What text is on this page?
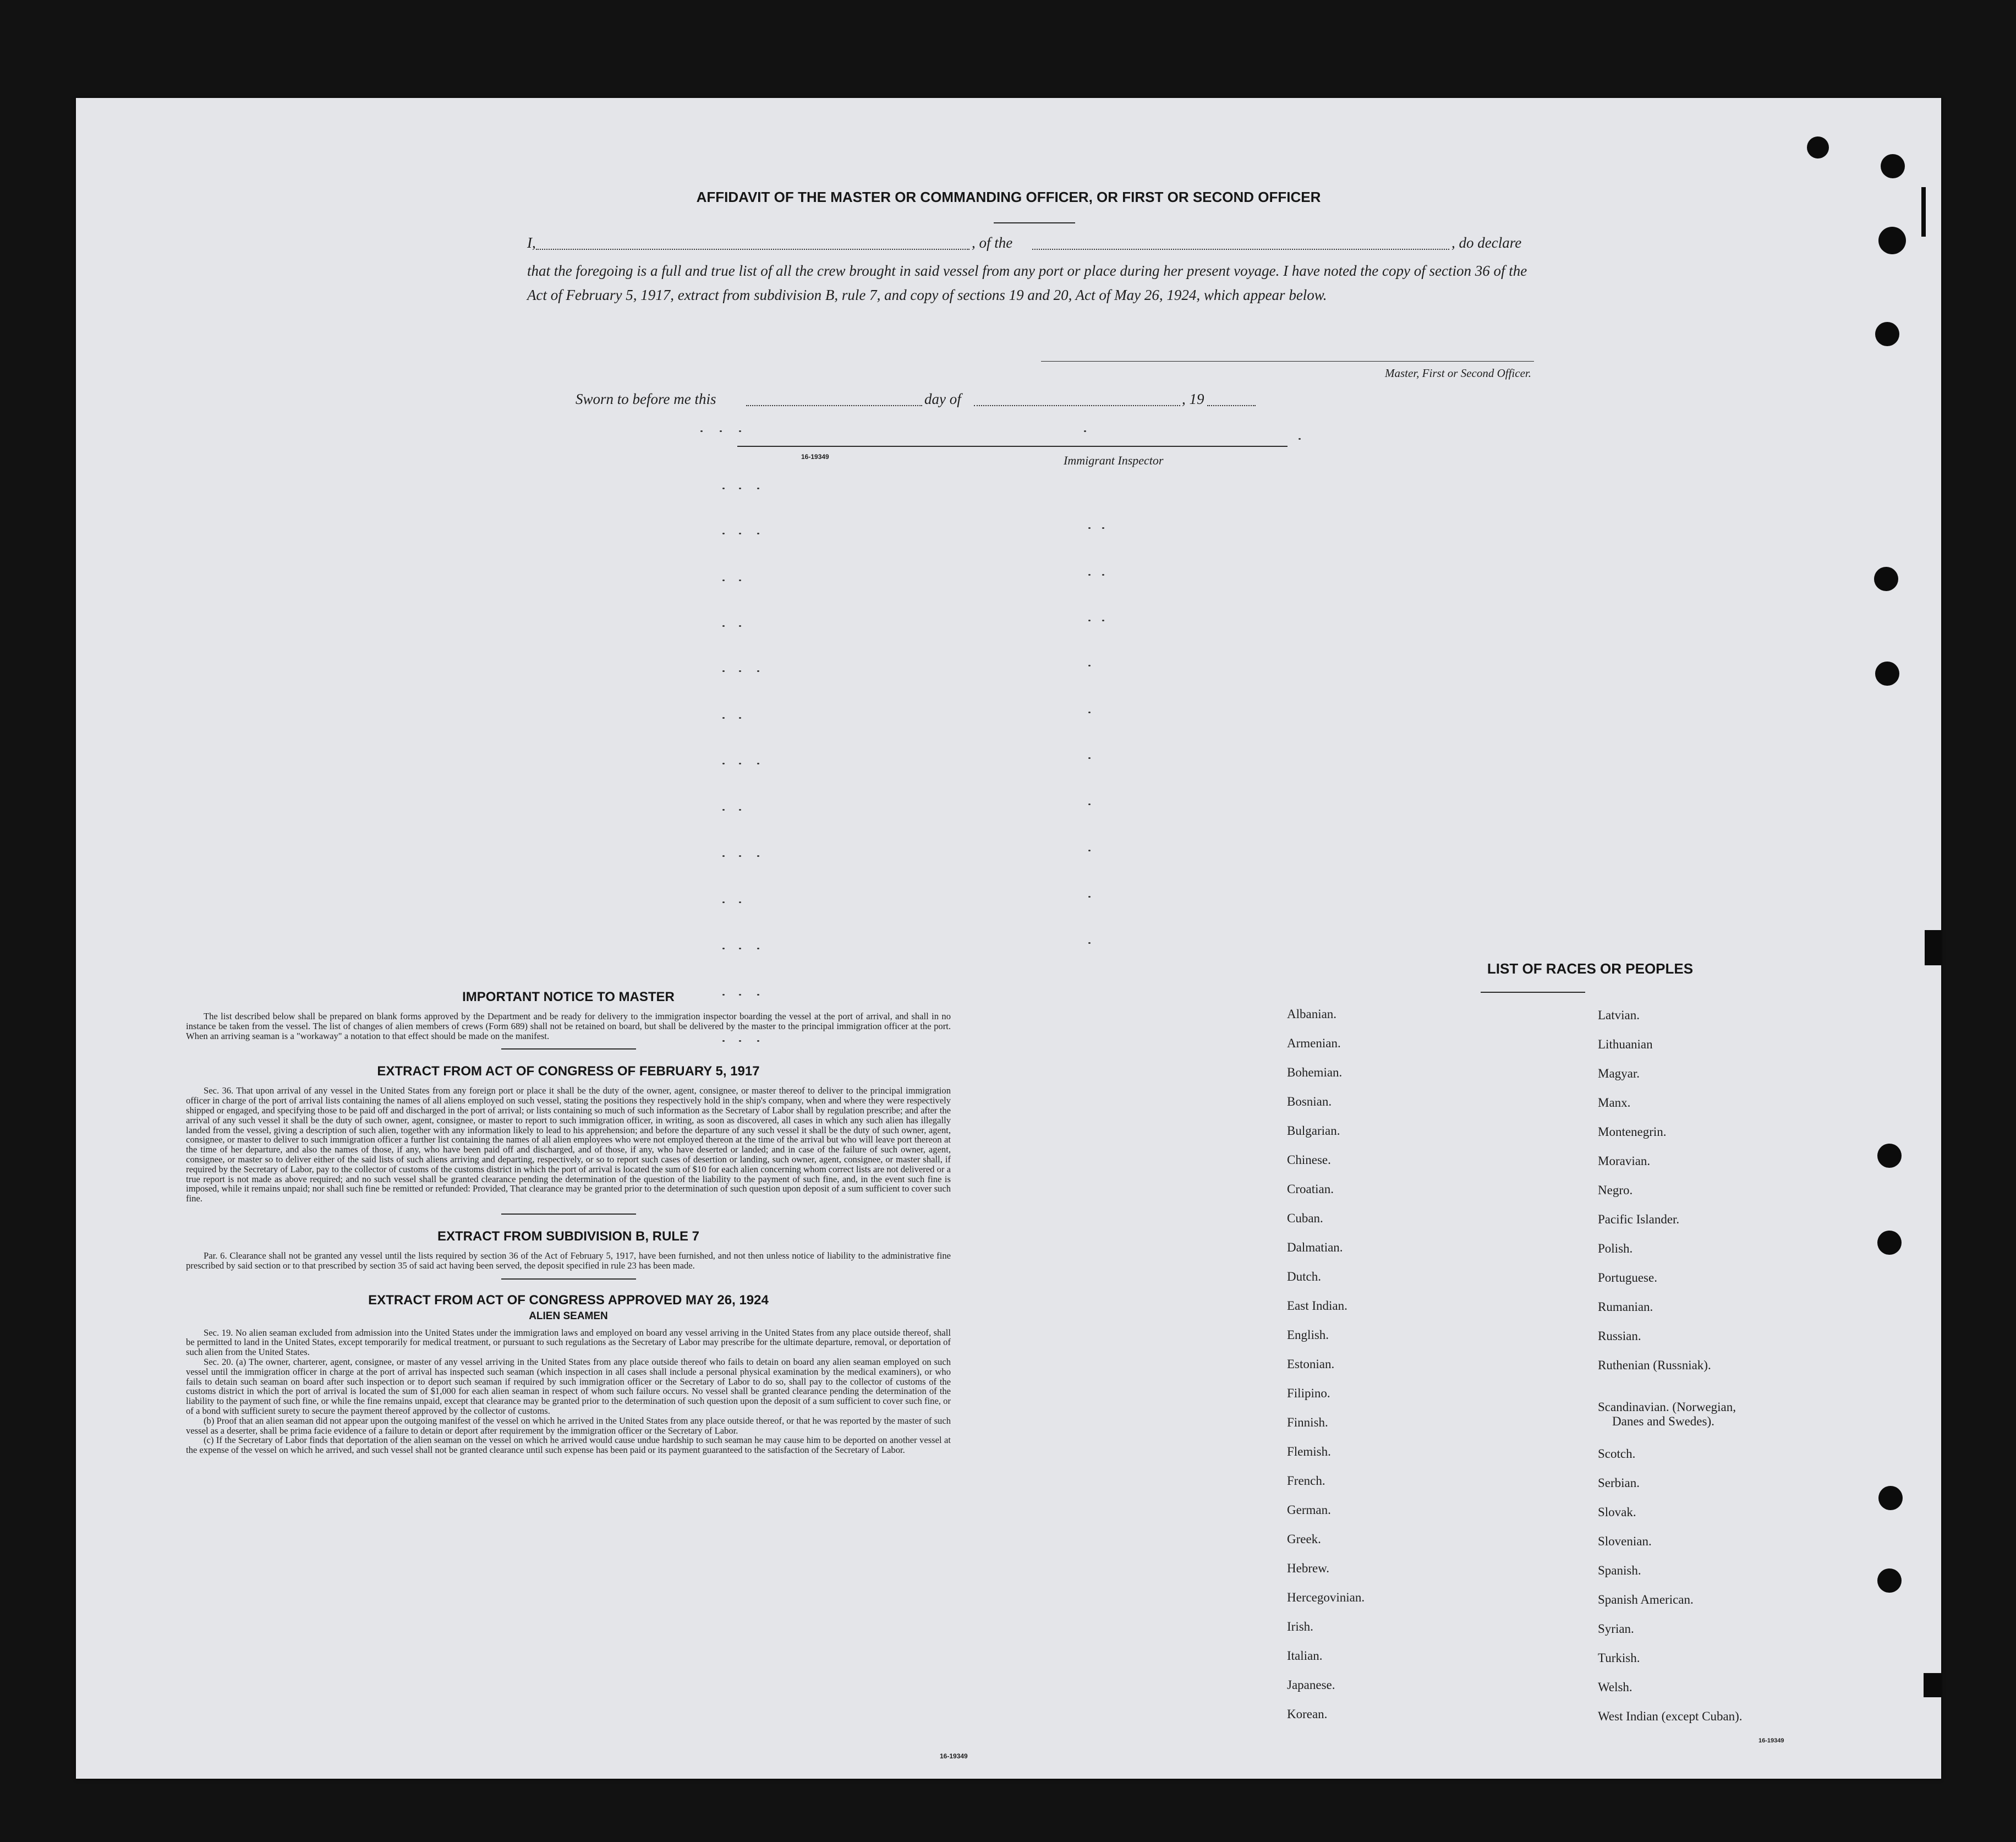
AFFIDAVIT OF THE MASTER OR COMMANDING OFFICER, OR FIRST OR SECOND OFFICER
I,	, of the	, do declare

that the foregoing is a full and true list of all the crew brought in said vessel from any port or place during her present voyage. I have noted the copy of section 36 of the Act of February 5, 1917, extract from subdivision B, rule 7, and copy of sections 19 and 20, Act of May 26, 1924, which appear below.

Master, First or Second Officer.
Sworn to before me this	day of	, 19
16-19349	Immigrant Inspector
IMPORTANT NOTICE TO MASTER

The list described below shall be prepared on blank forms approved by the Department and be ready for delivery to the immigration inspector boarding the vessel at the port of arrival, and shall in no instance be taken from the vessel. The list of changes of alien members of crews (Form 689) shall not be retained on board, but shall be delivered by the master to the principal immigration officer at the port. When an arriving seaman is a "workaway" a notation to that effect should be made on the manifest.

EXTRACT FROM ACT OF CONGRESS OF FEBRUARY 5, 1917

Sec. 36. That upon arrival of any vessel in the United States from any foreign port or place it shall be the duty of the owner, agent, consignee, or master thereof to deliver to the principal immigration officer in charge of the port of arrival lists containing the names of all aliens employed on such vessel, stating the positions they respectively hold in the ship's company, when and where they were respectively shipped or engaged, and specifying those to be paid off and discharged in the port of arrival; or lists containing so much of such information as the Secretary of Labor shall by regulation prescribe; and after the arrival of any such vessel it shall be the duty of such owner, agent, consignee, or master to report to such immigration officer, in writing, as soon as discovered, all cases in which any such alien has illegally landed from the vessel, giving a description of such alien, together with any information likely to lead to his apprehension; and before the departure of any such vessel it shall be the duty of such owner, agent, consignee, or master to deliver to such immigration officer a further list containing the names of all alien employees who were not employed thereon at the time of the arrival but who will leave port thereon at the time of her departure, and also the names of those, if any, who have been paid off and discharged, and of those, if any, who have deserted or landed; and in case of the failure of such owner, agent, consignee, or master so to deliver either of the said lists of such aliens arriving and departing, respectively, or so to report such cases of desertion or landing, such owner, agent, consignee, or master shall, if required by the Secretary of Labor, pay to the collector of customs of the customs district in which the port of arrival is located the sum of $10 for each alien concerning whom correct lists are not delivered or a true report is not made as above required; and no such vessel shall be granted clearance pending the determination of the question of the liability to the payment of such fine, and, in the event such fine is imposed, while it remains unpaid; nor shall such fine be remitted or refunded: Provided, That clearance may be granted prior to the determination of such question upon deposit of a sum sufficient to cover such fine.

EXTRACT FROM SUBDIVISION B, RULE 7

Par. 6. Clearance shall not be granted any vessel until the lists required by section 36 of the Act of February 5, 1917, have been furnished, and not then unless notice of liability to the administrative fine prescribed by said section or to that prescribed by section 35 of said act having been served, the deposit specified in rule 23 has been made.

EXTRACT FROM ACT OF CONGRESS APPROVED MAY 26, 1924
ALIEN SEAMEN

Sec. 19. No alien seaman excluded from admission into the United States under the immigration laws and employed on board any vessel arriving in the United States from any place outside thereof, shall be permitted to land in the United States, except temporarily for medical treatment, or pursuant to such regulations as the Secretary of Labor may prescribe for the ultimate departure, removal, or deportation of such alien from the United States.

Sec. 20. (a) The owner, charterer, agent, consignee, or master of any vessel arriving in the United States from any place outside thereof who fails to detain on board any alien seaman employed on such vessel until the immigration officer in charge at the port of arrival has inspected such seaman (which inspection in all cases shall include a personal physical examination by the medical examiners), or who fails to detain such seaman on board after such inspection or to deport such seaman if required by such immigration officer or the Secretary of Labor to do so, shall pay to the collector of customs of the customs district in which the port of arrival is located the sum of $1,000 for each alien seaman in respect of whom such failure occurs. No vessel shall be granted clearance pending the determination of the liability to the payment of such fine, or while the fine remains unpaid, except that clearance may be granted prior to the determination of such question upon the deposit of a sum sufficient to cover such fine, or of a bond with sufficient surety to secure the payment thereof approved by the collector of customs.

(b) Proof that an alien seaman did not appear upon the outgoing manifest of the vessel on which he arrived in the United States from any place outside thereof, or that he was reported by the master of such vessel as a deserter, shall be prima facie evidence of a failure to detain or deport after requirement by the immigration officer or the Secretary of Labor.

(c) If the Secretary of Labor finds that deportation of the alien seaman on the vessel on which he arrived would cause undue hardship to such seaman he may cause him to be deported on another vessel at the expense of the vessel on which he arrived, and such vessel shall not be granted clearance until such expense has been paid or its payment guaranteed to the satisfaction of the Secretary of Labor.

16-19349
LIST OF RACES OR PEOPLES
Albanian.
Armenian.
Bohemian.
Bosnian.
Bulgarian.
Chinese.
Croatian.
Cuban.
Dalmatian.
Dutch.
East Indian.
English.
Estonian.
Filipino.
Finnish.
Flemish.
French.
German.
Greek.
Hebrew.
Hercegovinian.
Irish.
Italian.
Japanese.
Korean.
Latvian.
Lithuanian
Magyar.
Manx.
Montenegrin.
Moravian.
Negro.
Pacific Islander.
Polish.
Portuguese.
Rumanian.
Russian.
Ruthenian (Russniak).
Scandinavian. (Norwegian,
Danes and Swedes).
Scotch.
Serbian.
Slovak.
Slovenian.
Spanish.
Spanish American.
Syrian.
Turkish.
Welsh.
West Indian (except Cuban).
16-19349
